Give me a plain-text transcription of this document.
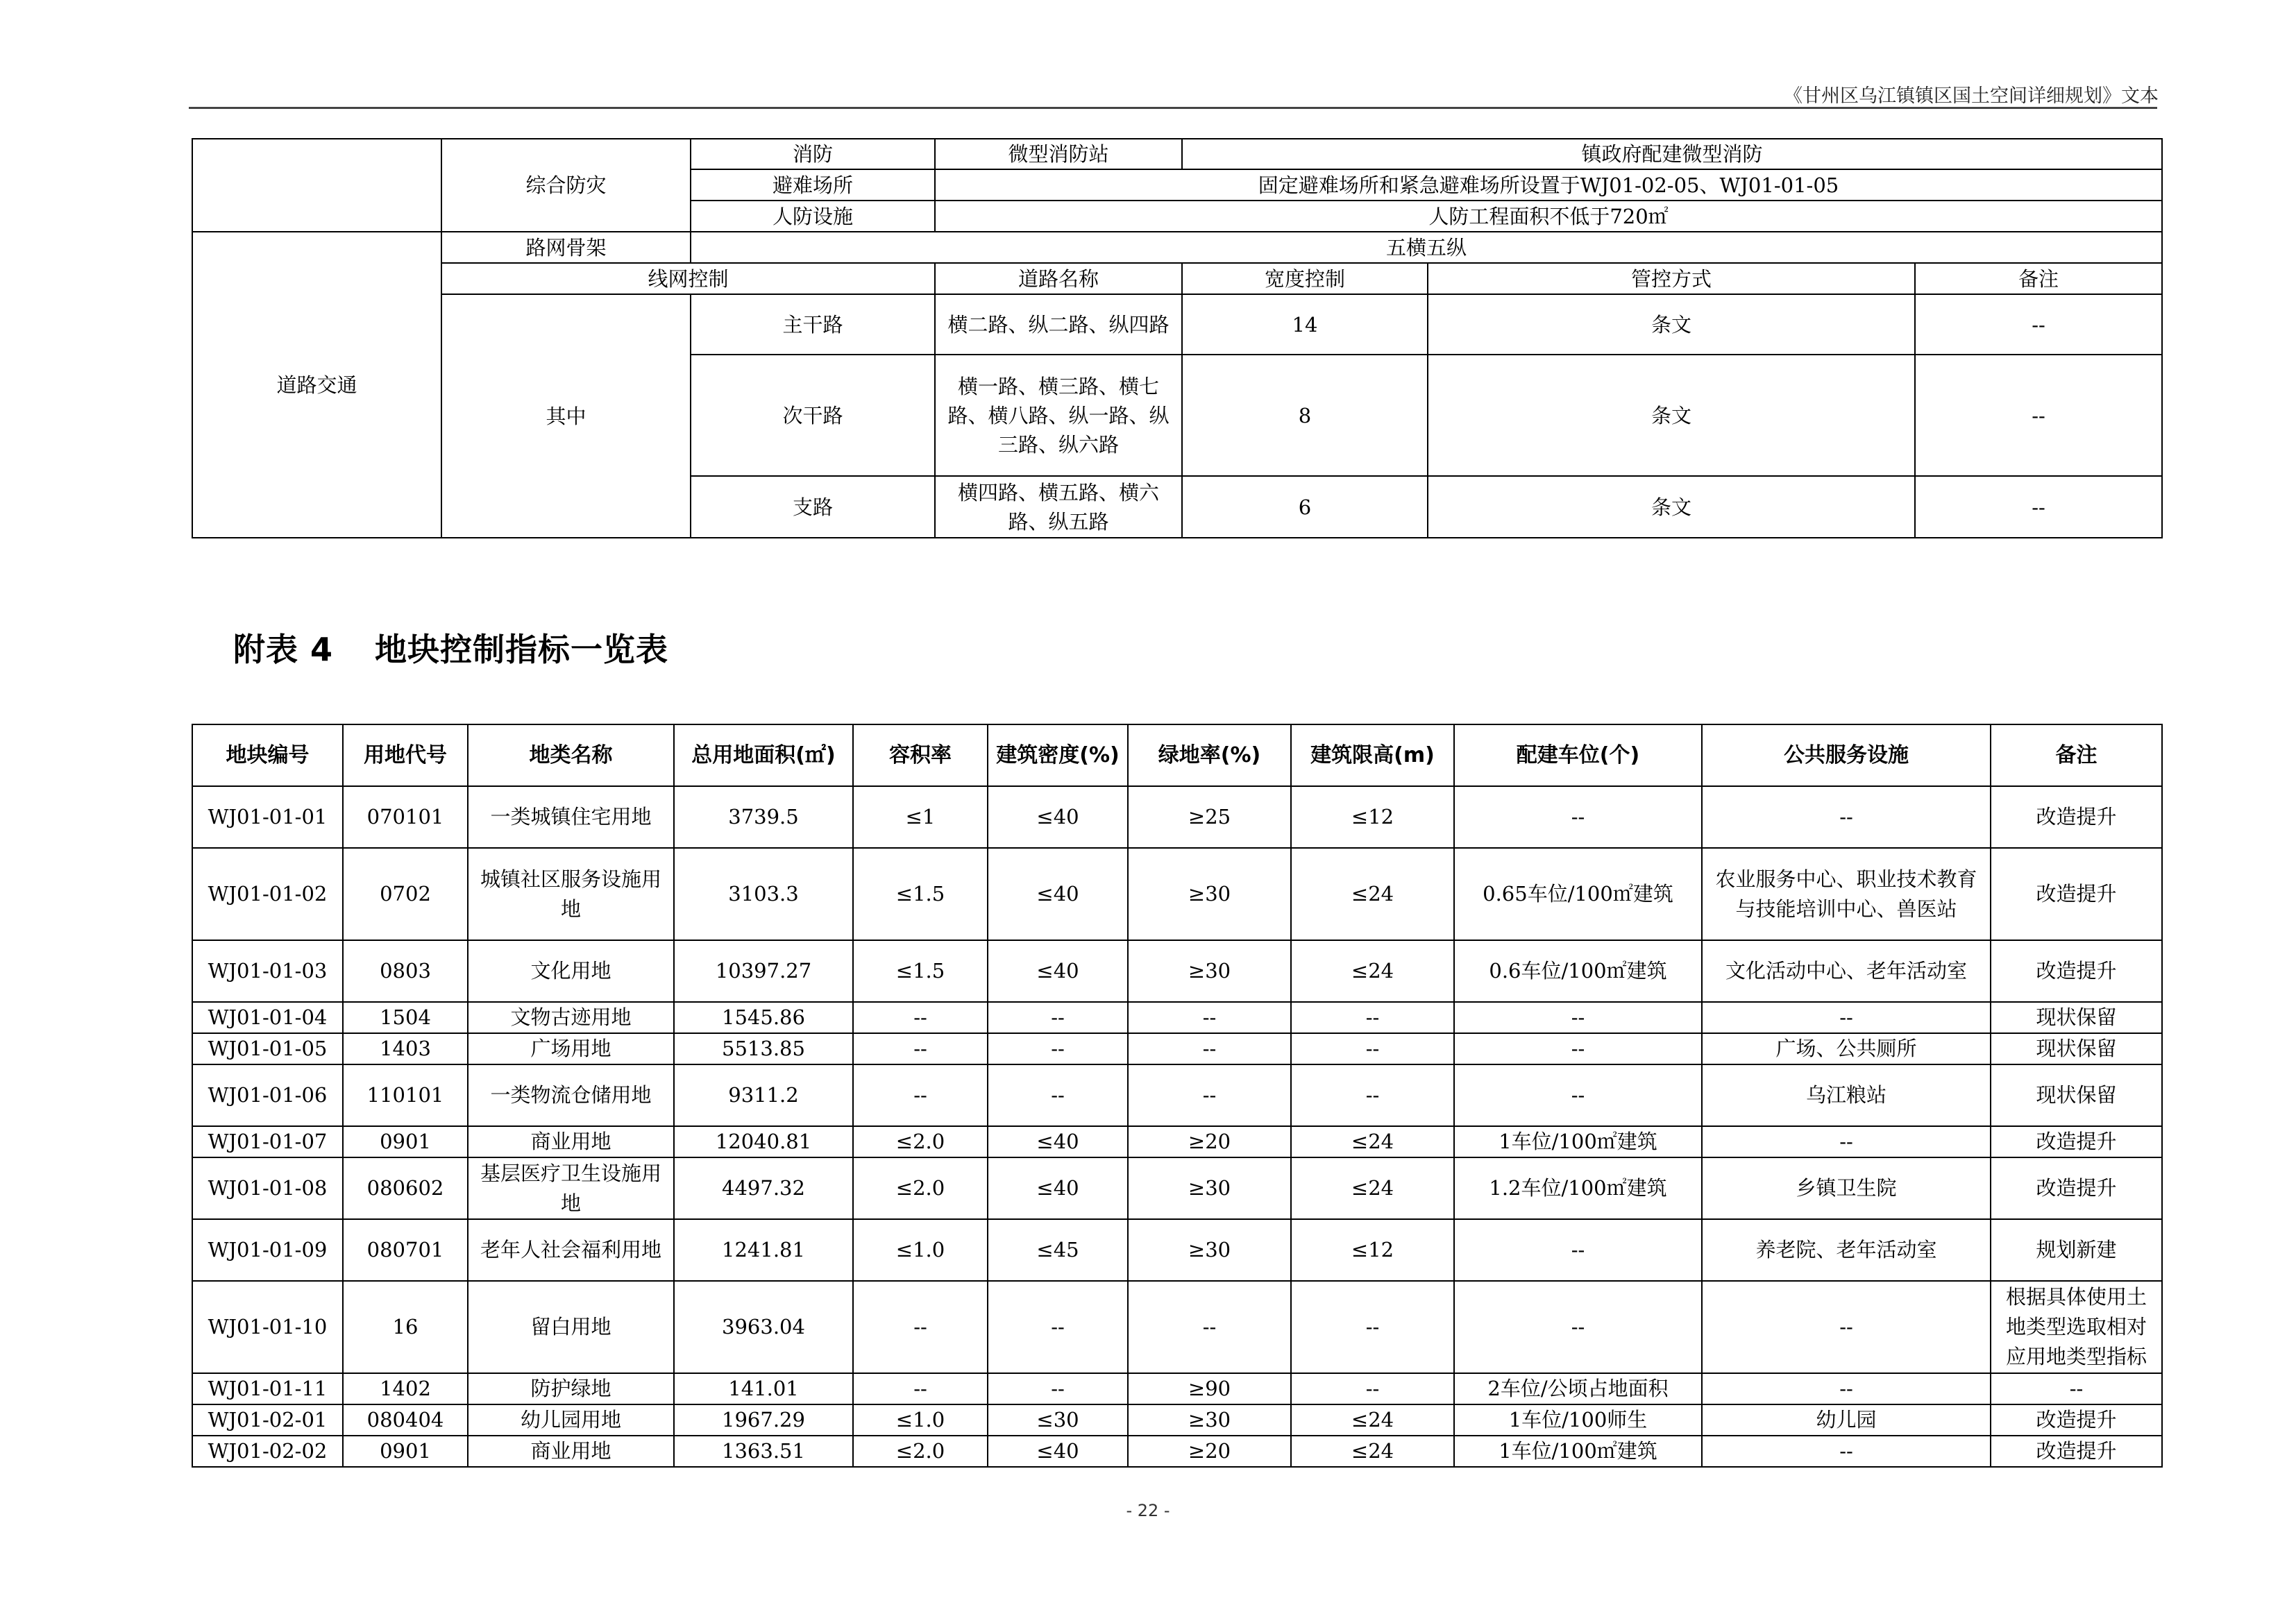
《甘州区乌江镇镇区国土空间详细规划》文本
	综合防灾	消防	微型消防站	镇政府配建微型消防		
		避难场所	固定避难场所和紧急避难场所设置于WJ01-02-05、WJ01-01-05			
		人防设施	人防工程面积不低于720㎡			
道路交通	路网骨架	五横五纵				
	线网控制		道路名称	宽度控制	管控方式	备注
	其中	主干路	横二路、纵二路、纵四路	14	条文	--
		次干路	横一路、横三路、横七路、横八路、纵一路、纵三路、纵六路	8	条文	--
		支路	横四路、横五路、横六路、纵五路	6	条文	--
附表 4 地块控制指标一览表
地块编号	用地代号	地类名称	总用地面积(㎡)	容积率	建筑密度(%)	绿地率(%)	建筑限高(m)	配建车位(个)	公共服务设施	备注
WJ01-01-01	070101	一类城镇住宅用地	3739.5	≤1	≤40	≥25	≤12	--	--	改造提升
WJ01-01-02	0702	城镇社区服务设施用地	3103.3	≤1.5	≤40	≥30	≤24	0.65车位/100㎡建筑	农业服务中心、职业技术教育与技能培训中心、兽医站	改造提升
WJ01-01-03	0803	文化用地	10397.27	≤1.5	≤40	≥30	≤24	0.6车位/100㎡建筑	文化活动中心、老年活动室	改造提升
WJ01-01-04	1504	文物古迹用地	1545.86	--	--	--	--	--	--	现状保留
WJ01-01-05	1403	广场用地	5513.85	--	--	--	--	--	广场、公共厕所	现状保留
WJ01-01-06	110101	一类物流仓储用地	9311.2	--	--	--	--	--	乌江粮站	现状保留
WJ01-01-07	0901	商业用地	12040.81	≤2.0	≤40	≥20	≤24	1车位/100㎡建筑	--	改造提升
WJ01-01-08	080602	基层医疗卫生设施用地	4497.32	≤2.0	≤40	≥30	≤24	1.2车位/100㎡建筑	乡镇卫生院	改造提升
WJ01-01-09	080701	老年人社会福利用地	1241.81	≤1.0	≤45	≥30	≤12	--	养老院、老年活动室	规划新建
WJ01-01-10	16	留白用地	3963.04	--	--	--	--	--	--	根据具体使用土地类型选取相对应用地类型指标
WJ01-01-11	1402	防护绿地	141.01	--	--	≥90	--	2车位/公顷占地面积	--	--
WJ01-02-01	080404	幼儿园用地	1967.29	≤1.0	≤30	≥30	≤24	1车位/100师生	幼儿园	改造提升
WJ01-02-02	0901	商业用地	1363.51	≤2.0	≤40	≥20	≤24	1车位/100㎡建筑	--	改造提升
- 22 -
